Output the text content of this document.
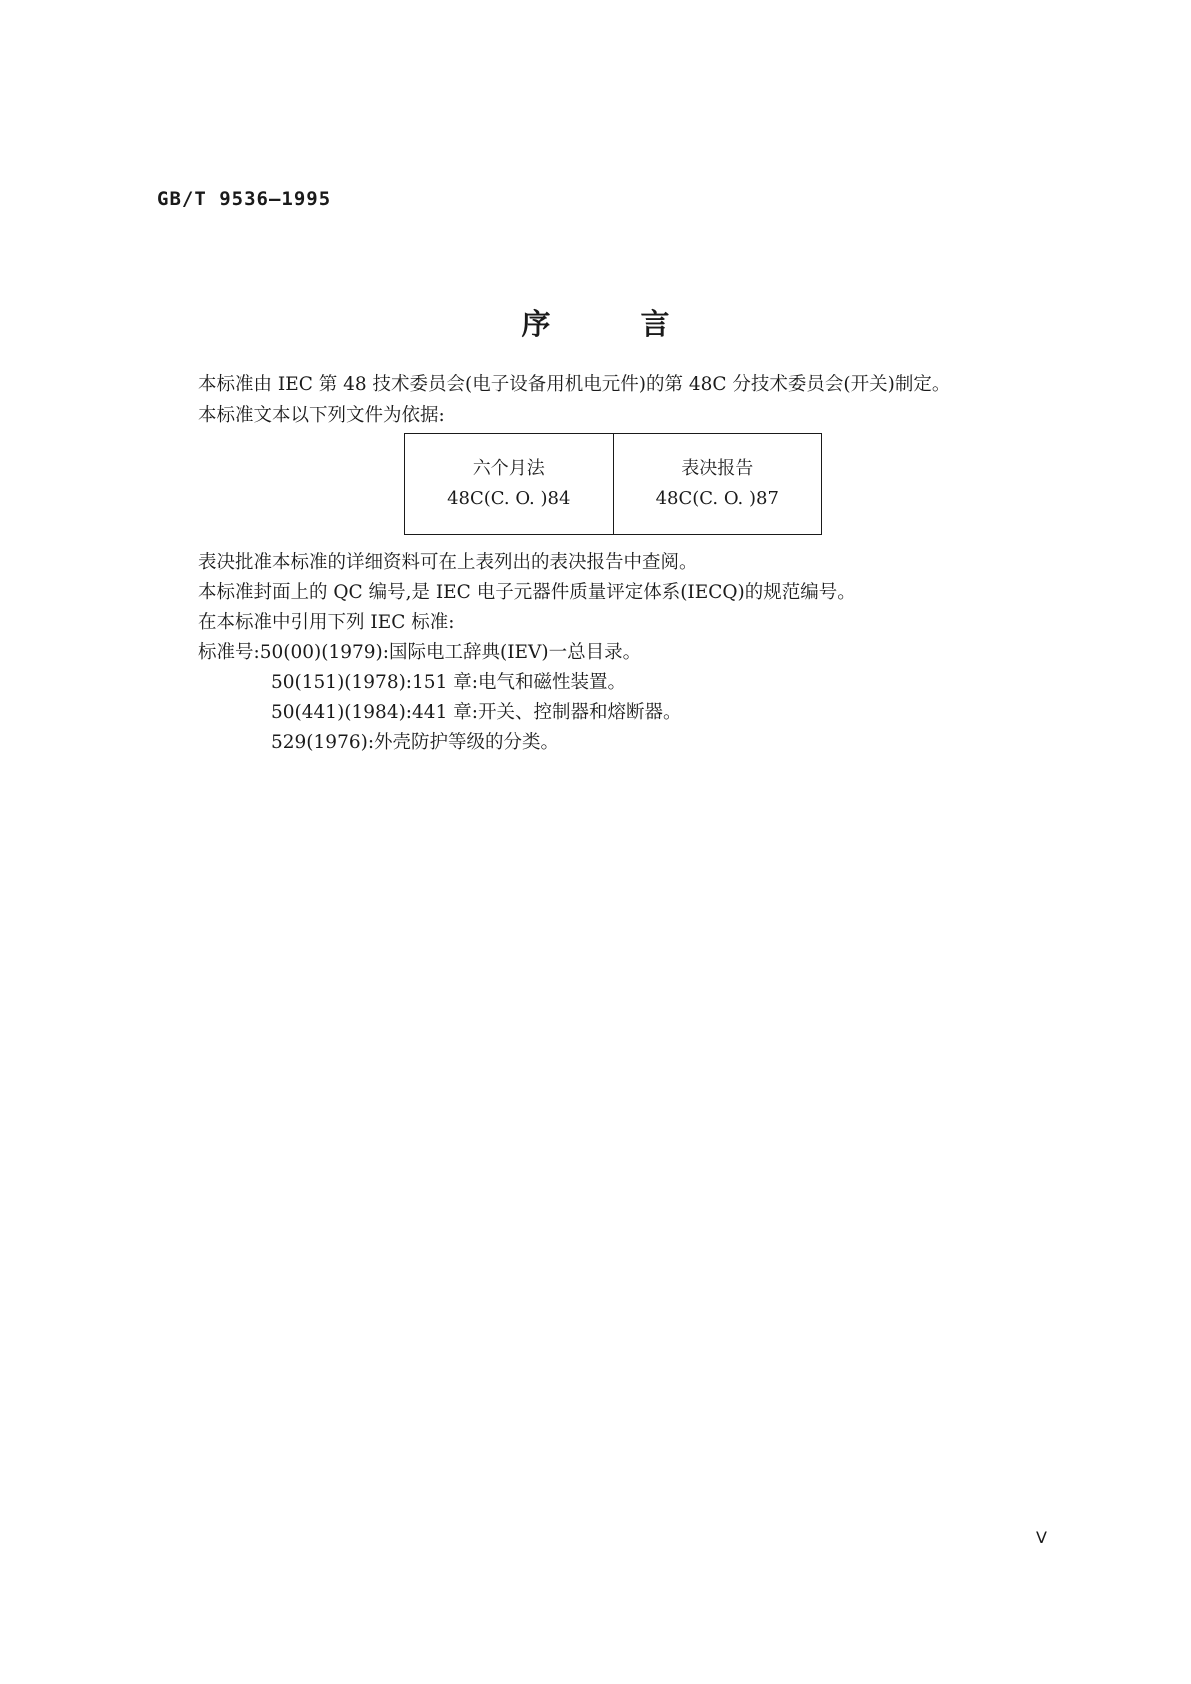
GB/T 9536—1995
序	言
本标准由 IEC 第 48 技术委员会(电子设备用机电元件)的第 48C 分技术委员会(开关)制定。
本标准文本以下列文件为依据:
六个月法
48C(C. O. )84
表决报告
48C(C. O. )87
表决批准本标准的详细资料可在上表列出的表决报告中查阅。
本标准封面上的 QC 编号,是 IEC 电子元器件质量评定体系(IECQ)的规范编号。
在本标准中引用下列 IEC 标准:
标准号:50(00)(1979):国际电工辞典(IEV)一总目录。
50(151)(1978):151 章:电气和磁性装置。
50(441)(1984):441 章:开关、控制器和熔断器。
529(1976):外壳防护等级的分类。
V
